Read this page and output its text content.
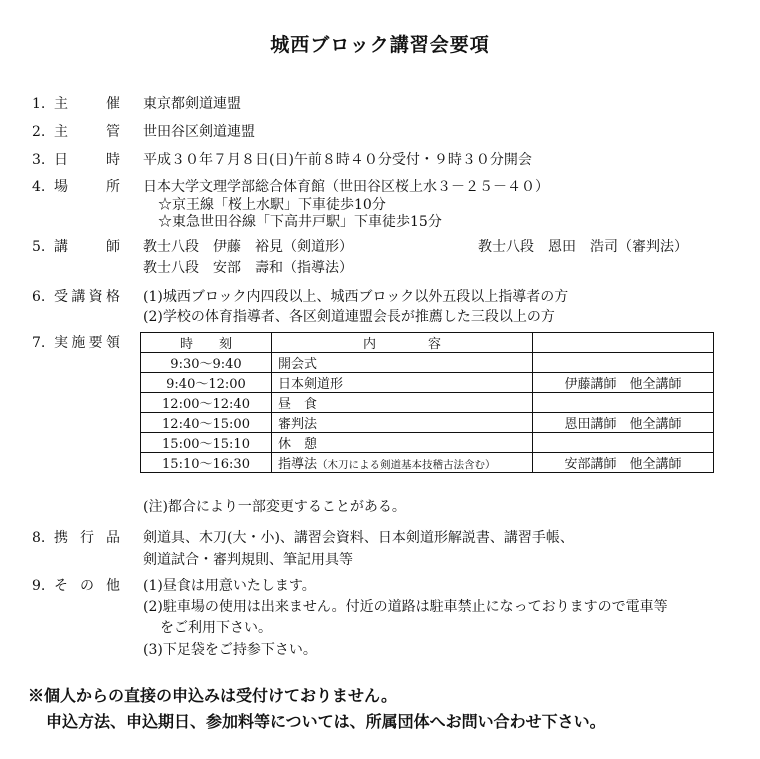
城西ブロック講習会要項
1. 主催 東京都剣道連盟
2. 主管 世田谷区剣道連盟
3. 日時 平成３０年７月８日(日)午前８時４０分受付・９時３０分開会
4. 場所 日本大学文理学部総合体育館（世田谷区桜上水３－２５－４０）
☆京王線「桜上水駅」下車徒歩10分
☆東急世田谷線「下高井戸駅」下車徒歩15分
5. 講師 教士八段　伊藤　裕見（剣道形）	教士八段　恩田　浩司（審判法）
教士八段　安部　壽和（指導法）
6. 受講資格 (1)城西ブロック内四段以上、城西ブロック以外五段以上指導者の方
(2)学校の体育指導者、各区剣道連盟会長が推薦した三段以上の方
7. 実施要領	時　　刻	内　　　　容	
9:30〜9:40	開会式	
9:40〜12:00	日本剣道形	伊藤講師　他全講師
12:00〜12:40	昼　食	
12:40〜15:00	審判法	恩田講師　他全講師
15:00〜15:10	休　憩	
15:10〜16:30	指導法（木刀による剣道基本技稽古法含む）	安部講師　他全講師
(注)都合により一部変更することがある。
8. 携行品 剣道具、木刀(大・小)、講習会資料、日本剣道形解説書、講習手帳、
剣道試合・審判規則、筆記用具等
9. その他 (1)昼食は用意いたします。
(2)駐車場の使用は出来ません。付近の道路は駐車禁止になっておりますので電車等
をご利用下さい。
(3)下足袋をご持参下さい。
※個人からの直接の申込みは受付けておりません。
申込方法、申込期日、参加料等については、所属団体へお問い合わせ下さい。
